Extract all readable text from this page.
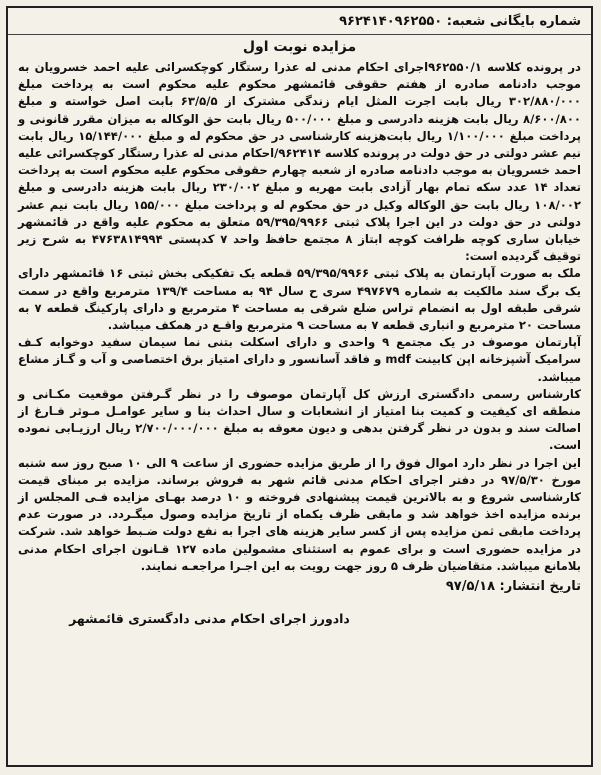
شماره بایگانی شعبه: ۹۶۲۴۱۴۰۹۶۲۵۵۰
مزایده نوبت اول

در پرونده کلاسه ۹۶۲۵۵۰/۱اجرای احکام مدنی له عذرا رستگار کوچکسرائی علیه احمد خسرویان به موجب دادنامه صادره از هفتم حقوقی قائمشهر محکوم علیه محکوم است به پرداخت مبلغ ۳۰۲/۸۸۰/۰۰۰ ریال بابت اجرت المثل ایام زندگی مشترک از ۶۳/۵/۵ بابت اصل خواسته و مبلغ ۸/۶۰۰/۸۰۰ ریال بابت هزینه دادرسی و مبلغ ۵۰۰/۰۰۰ ریال بابت حق الوکاله به میزان مقرر قانونی و پرداخت مبلغ ۱/۱۰۰/۰۰۰ ریال بابت‌هزینه کارشناسی در حق محکوم له و مبلغ ۱۵/۱۴۴/۰۰۰ ریال بابت نیم عشر دولتی در حق دولت در پرونده کلاسه ۹۶۲۴۱۴/احکام مدنی له عذرا رستگار کوچکسرائی علیه احمد خسرویان به موجب دادنامه صادره از شعبه چهارم حقوقی محکوم علیه محکوم است به پرداخت تعداد ۱۴ عدد سکه تمام بهار آزادی بابت مهریه و مبلغ ۲۳۰/۰۰۲ ریال بابت هزینه دادرسی و مبلغ ۱۰۸/۰۰۲ ریال بابت حق الوکاله وکیل در حق محکوم له و پرداخت مبلغ ۱۵۵/۰۰۰ ریال بابت نیم عشر دولتی در حق دولت در این اجرا پلاک ثبتی ۵۹/۳۹۵/۹۹۶۶ متعلق به محکوم علیه واقع در قائمشهر خیابان ساری کوچه ظرافت کوچه ابتاز ۸ مجتمع حافظ واحد ۷ کدپستی ۴۷۶۳۸۱۴۹۹۴ به شرح زیر توقیف گردیده است:

ملک به صورت آپارتمان به پلاک ثبتی ۵۹/۳۹۵/۹۹۶۶ قطعه یک تفکیکی بخش ثبتی ۱۶ قائمشهر دارای یک برگ سند مالکیت به شماره ۴۹۷۶۷۹ سری ح سال ۹۴ به مساحت ۱۳۹/۴ مترمربع واقع در سمت شرقی طبقه اول به انضمام تراس ضلع شرقی به مساحت ۴ مترمربع و دارای پارکینگ قطعه ۷ به مساحت ۲۰ مترمربع و انباری قطعه ۷ به مساحت ۹ مترمربع واقـع در همکف میباشد.

آپارتمان موصوف در یک مجتمع ۹ واحدی و دارای اسکلت بتنی نما سیمان سفید دوخوابه کـف سرامیک آشپزخانه اپن کابینت mdf و فاقد آسانسور و دارای امتیاز برق اختصاصی و آب و گـاز مشاع میباشد.

کارشناس رسمی دادگستری ارزش کل آپارتمان موصوف را در نظر گـرفتن موقعیت مکـانی و منطقه ای کیفیت و کمیت بنا امتیاز از انشعابات و سال احداث بنا و سایر عوامـل مـوثر فـارغ از اصالت سند و بدون در نظر گرفتن بدهی و دیون معوقه به مبلغ ۲/۷۰۰/۰۰۰/۰۰۰ ریال ارزیـابی نموده است.

این اجرا در نظر دارد اموال فوق را از طریق مزایده حضوری از ساعت ۹ الی ۱۰ صبح روز سه شنبه مورخ ۹۷/۵/۳۰ در دفتر اجرای احکام مدنی قائم شهر به فروش برساند. مزایده بر مبنای قیمت کارشناسی شروع و به بالاترین قیمت پیشنهادی فروخته و ۱۰ درصد بهـای مزایده فـی المجلس از برنده مزایده اخذ خواهد شد و مابقی ظرف یکماه از تاریخ مزایده وصول میگـردد. در صورت عدم پرداخت مابقی ثمن مزایده پس از کسر سایر هزینه های اجرا به نفع دولت ضـبط خواهد شد. شرکت در مزایده حضوری است و برای عموم به استثنای مشمولین ماده ۱۲۷ قـانون اجرای احکام مدنی بلامانع میباشد. متقاضیان ظرف ۵ روز جهت رویت به این اجـرا مراجعـه نمایند.

تاریخ انتشار: ۹۷/۵/۱۸
دادورز اجرای احکام مدنی دادگستری قائمشهر
